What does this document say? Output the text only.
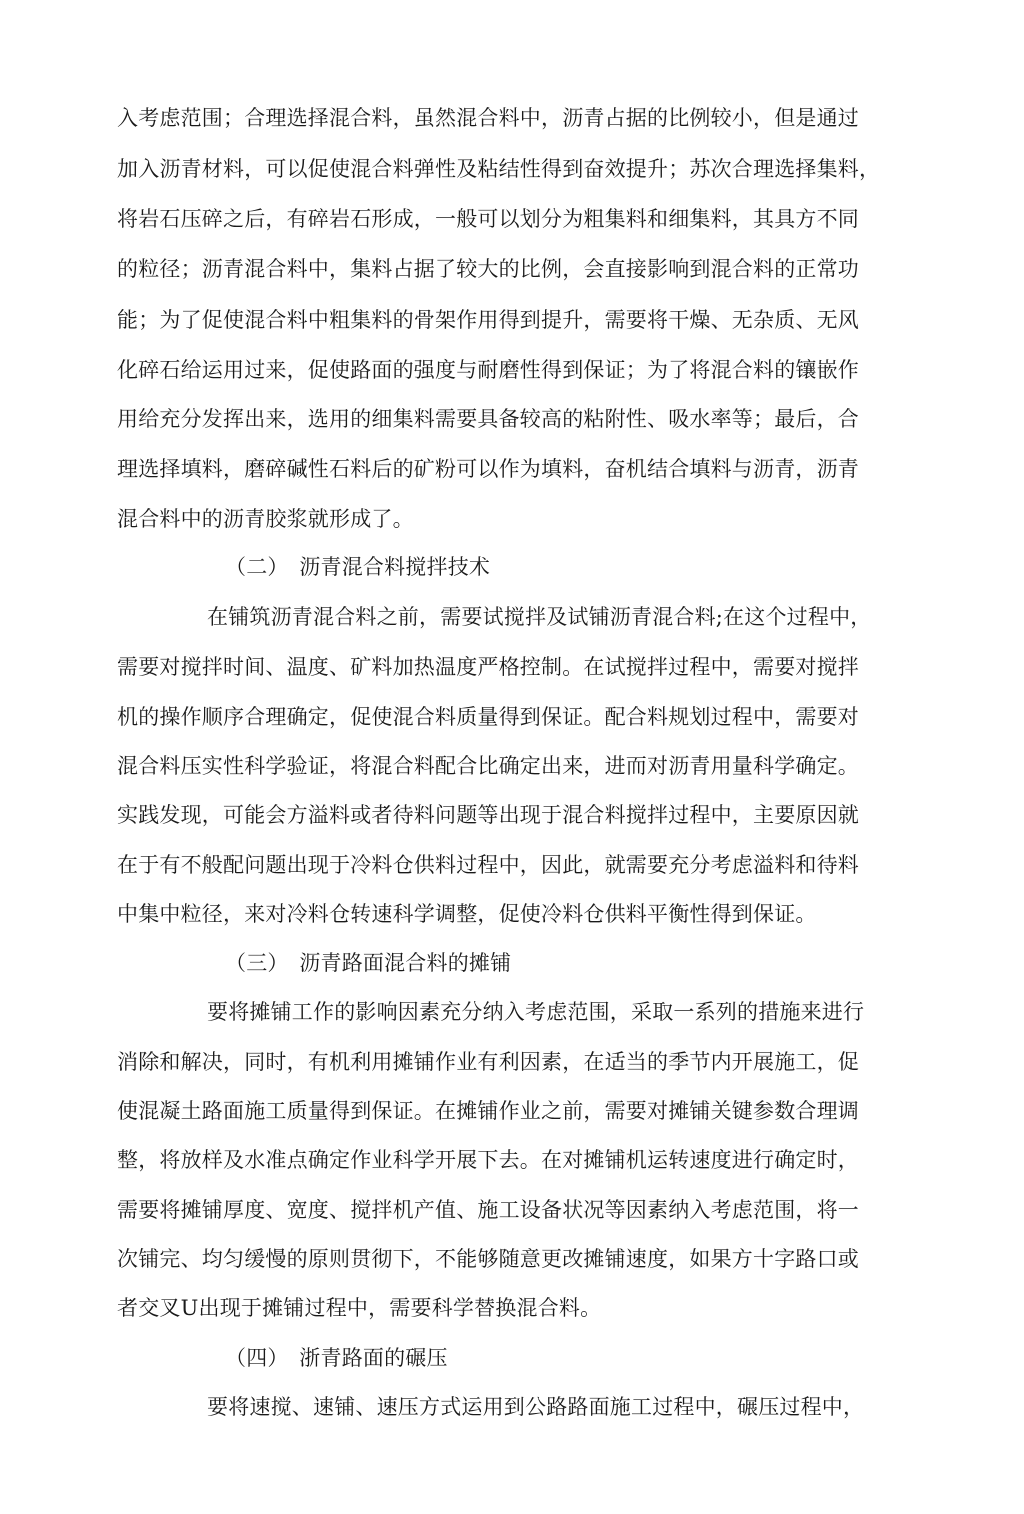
入考虑范围；合理选择混合料，虽然混合料中，沥青占据的比例较小，但是通过
加入沥青材料，可以促使混合料弹性及粘结性得到奋效提升；苏次合理选择集料，
将岩石压碎之后，有碎岩石形成，一般可以划分为粗集料和细集料，其具方不同
的粒径；沥青混合料中，集料占据了较大的比例，会直接影响到混合料的正常功
能；为了促使混合料中粗集料的骨架作用得到提升，需要将干燥、无杂质、无风
化碎石给运用过来，促使路面的强度与耐磨性得到保证；为了将混合料的镶嵌作
用给充分发挥出来，选用的细集料需要具备较高的粘附性、吸水率等；最后，合
理选择填料，磨碎碱性石料后的矿粉可以作为填料，奋机结合填料与沥青，沥青
混合料中的沥青胶浆就形成了。
（二）　沥青混合料搅拌技术
在铺筑沥青混合料之前，需要试搅拌及试铺沥青混合料;在这个过程中，
需要对搅拌时间、温度、矿料加热温度严格控制。在试搅拌过程中，需要对搅拌
机的操作顺序合理确定，促使混合料质量得到保证。配合料规划过程中，需要对
混合料压实性科学验证，将混合料配合比确定出来，进而对沥青用量科学确定。
实践发现，可能会方溢料或者待料问题等出现于混合料搅拌过程中，主要原因就
在于有不般配问题出现于冷料仓供料过程中，因此，就需要充分考虑溢料和待料
中集中粒径，来对冷料仓转速科学调整，促使冷料仓供料平衡性得到保证。
（三）　沥青路面混合料的摊铺
要将摊铺工作的影响因素充分纳入考虑范围，采取一系列的措施来进行
消除和解决，同时，有机利用摊铺作业有利因素，在适当的季节内开展施工，促
使混凝土路面施工质量得到保证。在摊铺作业之前，需要对摊铺关键参数合理调
整，将放样及水准点确定作业科学开展下去。在对摊铺机运转速度进行确定时，
需要将摊铺厚度、宽度、搅拌机产值、施工设备状况等因素纳入考虑范围，将一
次铺完、均匀缓慢的原则贯彻下，不能够随意更改摊铺速度，如果方十字路口或
者交叉U出现于摊铺过程中，需要科学替换混合料。
（四）　浙青路面的碾压
要将速搅、速铺、速压方式运用到公路路面施工过程中，碾压过程中，
